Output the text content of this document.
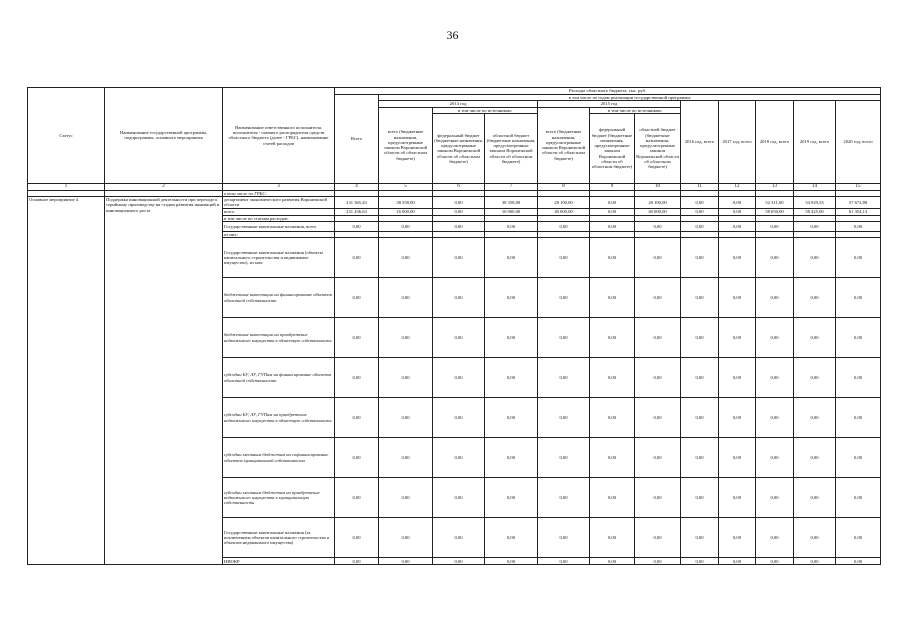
36
Статус	Наименование государственной программы, подпрограммы, основного мероприятия	Наименование ответственного исполнителя, исполнителя - главного распорядителя средств областного бюджета (далее - ГРБС), наименование статей расходов	Расходы областного бюджета, тыс. руб.											
			Всего	в том числе по годам реализации государственной программы										
				2014 год			2015 год			2016 год, всего	2017 год, всего	2018 год, всего	2019 год, всего	2020 год, всего
				всего (бюджетные назначения, предусмотренные законом Воронежской области об областном бюджете)	в том числе по источникам:		всего (бюджетные назначения, предусмотренные законом Воронежской области об областном бюджете)	в том числе по источникам:						
					федеральный бюджет (бюджетные назначения, предусмотренные законом Воронежской области об областном бюджете)	областной бюджет (бюджетные назначения, предусмотренные законом Воронежской области об областном бюджете)		федеральный бюджет (бюджетные назначения, предусмотренные законом Воронежской области об областном бюджете)	областной бюджет (бюджетные назначения, предусмотренные законом Воронежской области об областном бюджете)					
1	2	3	4	5	6	7	8	9	10	11	12	13	14	15
		в том числе по ГРБС:												
Основное мероприятие 4	Поддержка инновационной деятельности при переходе к серийному производству на стадии развития инноваций и инновационного роста	департамент экономического развития Воронежской области	231 365,43	38 358,00	0,00	38 358,00	28 100,00	0,00	28 100,00	0,00	0,00	52 311,00	54 929,55	57 672,88
		всего	231 436,63	16 000,00	0,00	16 000,00	40 000,00	0,00	40 000,00	0,00	0,00	58 650,00	58 425,00	61 354,13
		в том числе по статьям расходов:												
		Государственные капитальные вложения, всего	0,00	0,00	0,00	0,00	0,00	0,00	0,00	0,00	0,00	0,00	0,00	0,00
		из них:												
		Государственные капитальные вложения (объекты капитального строительства и недвижимое имущество), из них:	0,00	0,00	0,00	0,00	0,00	0,00	0,00	0,00	0,00	0,00	0,00	0,00
		бюджетные инвестиции на финансирование объектов областной собственности	0,00	0,00	0,00	0,00	0,00	0,00	0,00	0,00	0,00	0,00	0,00	0,00
		бюджетные инвестиции на приобретение недвижимого имущества в областную собственность	0,00	0,00	0,00	0,00	0,00	0,00	0,00	0,00	0,00	0,00	0,00	0,00
		субсидии БУ, АУ, ГУПам на финансирование объектов областной собственности	0,00	0,00	0,00	0,00	0,00	0,00	0,00	0,00	0,00	0,00	0,00	0,00
		субсидии БУ, АУ, ГУПам на приобретение недвижимого имущества в областную собственность	0,00	0,00	0,00	0,00	0,00	0,00	0,00	0,00	0,00	0,00	0,00	0,00
		субсидии местным бюджетам на софинансирование объектов муниципальной собственности	0,00	0,00	0,00	0,00	0,00	0,00	0,00	0,00	0,00	0,00	0,00	0,00
		субсидии местным бюджетам на приобретение недвижимого имущества в муниципальную собственность	0,00	0,00	0,00	0,00	0,00	0,00	0,00	0,00	0,00	0,00	0,00	0,00
		Государственные капитальные вложения (за исключением объектов капитального строительства и объектов недвижимого имущества)	0,00	0,00	0,00	0,00	0,00	0,00	0,00	0,00	0,00	0,00	0,00	0,00
		НИОКР	0,00	0,00	0,00	0,00	0,00	0,00	0,00	0,00	0,00	0,00	0,00	0,00
